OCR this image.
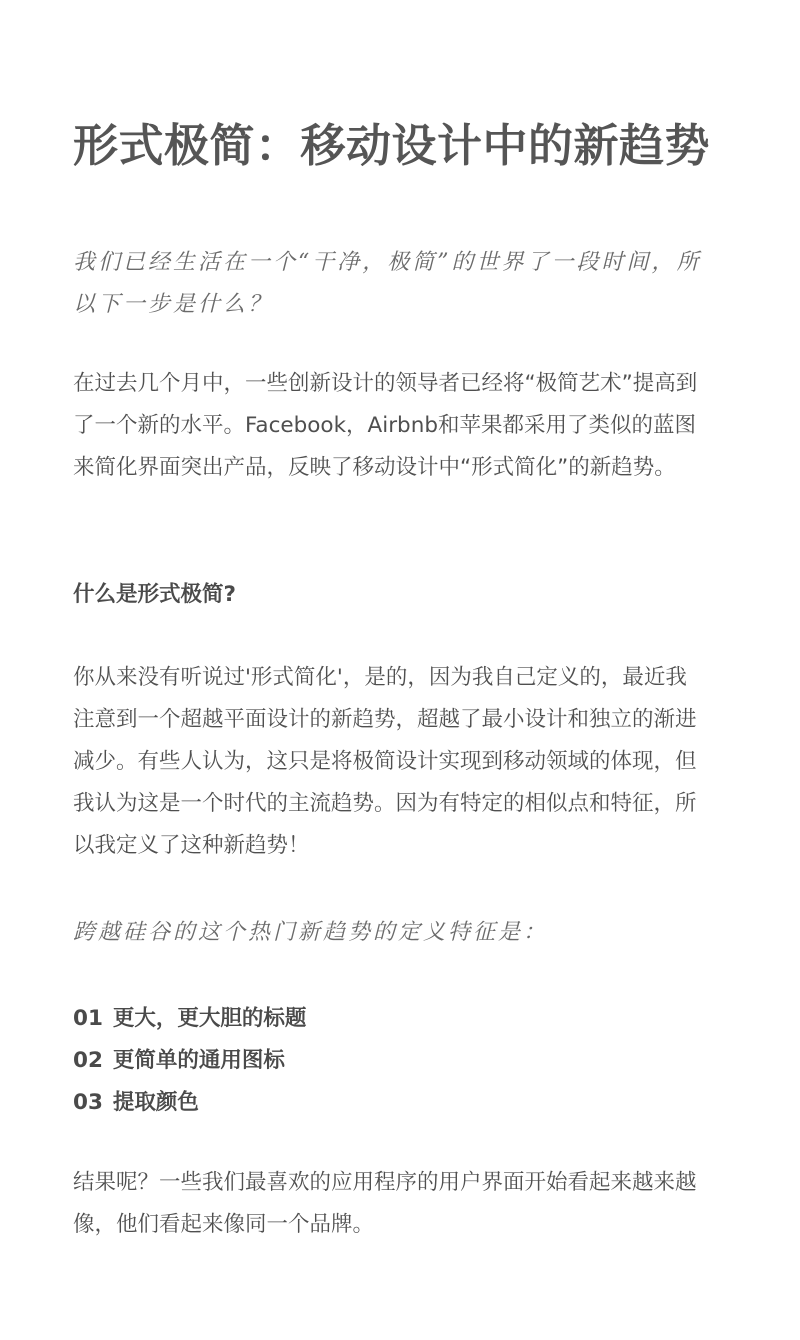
形式极简：移动设计中的新趋势

我们已经生活在一个“干净，极简”的世界了一段时间，所以下一步是什么？

在过去几个月中，一些创新设计的领导者已经将“极简艺术”提高到了一个新的水平。Facebook，Airbnb和苹果都采用了类似的蓝图来简化界面突出产品，反映了移动设计中“形式简化”的新趋势。

什么是形式极简?

你从来没有听说过'形式简化'，是的，因为我自己定义的，最近我注意到一个超越平面设计的新趋势，超越了最小设计和独立的渐进减少。有些人认为，这只是将极简设计实现到移动领域的体现，但我认为这是一个时代的主流趋势。因为有特定的相似点和特征，所以我定义了这种新趋势！

跨越硅谷的这个热门新趋势的定义特征是：

01 更大，更大胆的标题
02 更简单的通用图标
03 提取颜色

结果呢？一些我们最喜欢的应用程序的用户界面开始看起来越来越像，他们看起来像同一个品牌。
